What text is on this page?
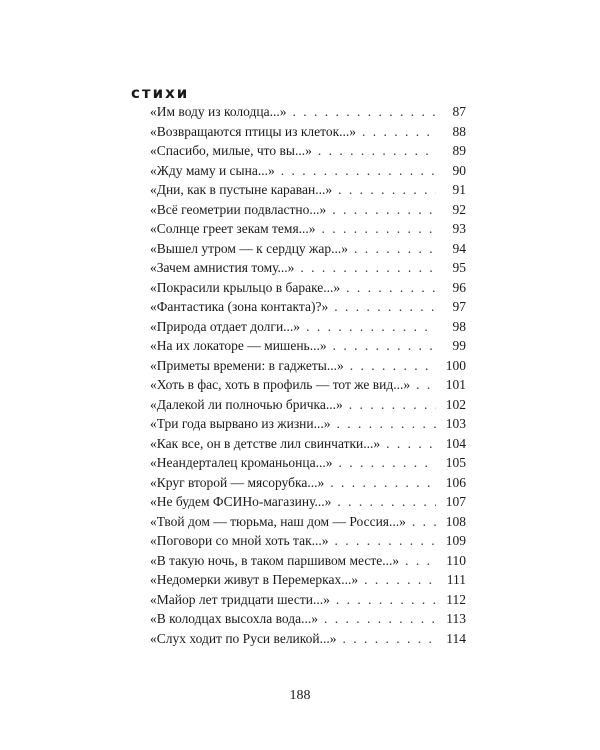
стихи
«Им воду из колодца...» . . .	87
«Возвращаются птицы из клеток...» . . .	88
«Спасибо, милые, что вы...» . . .	89
«Жду маму и сына...» . . .	90
«Дни, как в пустыне караван...» . . .	91
«Всё геометрии подвластно...» . . .	92
«Солнце греет зекам темя...» . . .	93
«Вышел утром — к сердцу жар...» . . .	94
«Зачем амнистия тому...» . . .	95
«Покрасили крыльцо в бараке...» . . .	96
«Фантастика (зона контакта)?» . . .	97
«Природа отдает долги...» . . .	98
«На их локаторе — мишень...» . . .	99
«Приметы времени: в гаджеты...» . . .	100
«Хоть в фас, хоть в профиль — тот же вид...» . . .	101
«Далекой ли полночью бричка...» . . .	102
«Три года вырвано из жизни...» . . .	103
«Как все, он в детстве лил свинчатки...» . . .	104
«Неандерталец кроманьонца...» . . .	105
«Круг второй — мясорубка...» . . .	106
«Не будем ФСИНо-магазину...» . . .	107
«Твой дом — тюрьма, наш дом — Россия...» . . .	108
«Поговори со мной хоть так...» . . .	109
«В такую ночь, в таком паршивом месте...» . . .	110
«Недомерки живут в Перемерках...» . . .	111
«Майор лет тридцати шести...» . . .	112
«В колодцах высохла вода...» . . .	113
«Слух ходит по Руси великой...» . . .	114
188
